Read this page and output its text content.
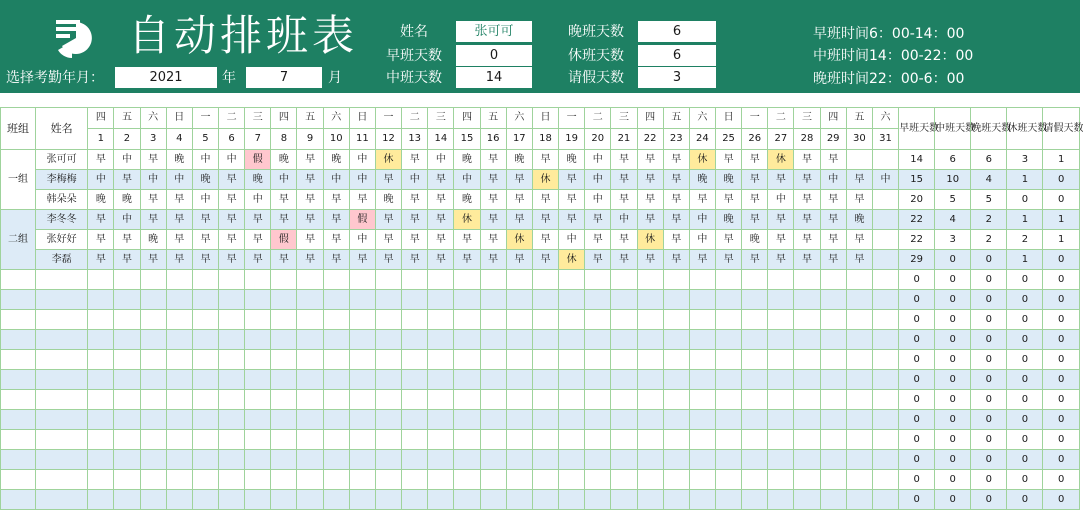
自动排班表
选择考勤年月：	2021	年	7	月
姓名	张可可
早班天数	0
中班天数	14
晚班天数	6
休班天数	6
请假天数	3
早班时间6：00-14：00
中班时间14：00-22：00
晚班时间22：00-6：00
班组	姓名	四	五	六	日	一	二	三	四	五	六	日	一	二	三	四	五	六	日	一	二	三	四	五	六	日	一	二	三	四	五	六	早班天数	中班天数	晚班天数	休班天数	请假天数
		1	2	3	4	5	6	7	8	9	10	11	12	13	14	15	16	17	18	19	20	21	22	23	24	25	26	27	28	29	30	31					
一组	张可可	早	中	早	晚	中	中	假	晚	早	晚	中	休	早	中	晚	早	晚	早	晚	中	早	早	早	休	早	早	休	早	早			14	6	6	3	1
	李梅梅	中	早	中	中	晚	早	晚	中	早	中	中	早	中	早	中	早	早	休	早	中	早	早	早	晚	晚	早	早	早	中	早	中	15	10	4	1	0
	韩朵朵	晚	晚	早	早	中	早	中	早	早	早	早	晚	早	早	晚	早	早	早	早	中	早	早	早	早	早	早	中	早	早	早		20	5	5	0	0
二组	李冬冬	早	中	早	早	早	早	早	早	早	早	假	早	早	早	休	早	早	早	早	早	中	早	早	中	晚	早	早	早	早	晚		22	4	2	1	1
	张好好	早	早	晚	早	早	早	早	假	早	早	中	早	早	早	早	早	休	早	中	早	早	休	早	中	早	晚	早	早	早	早		22	3	2	2	1
	李磊	早	早	早	早	早	早	早	早	早	早	早	早	早	早	早	早	早	早	休	早	早	早	早	早	早	早	早	早	早	早		29	0	0	1	0
																																	0	0	0	0	0
																																	0	0	0	0	0
																																	0	0	0	0	0
																																	0	0	0	0	0
																																	0	0	0	0	0
																																	0	0	0	0	0
																																	0	0	0	0	0
																																	0	0	0	0	0
																																	0	0	0	0	0
																																	0	0	0	0	0
																																	0	0	0	0	0
																																	0	0	0	0	0
